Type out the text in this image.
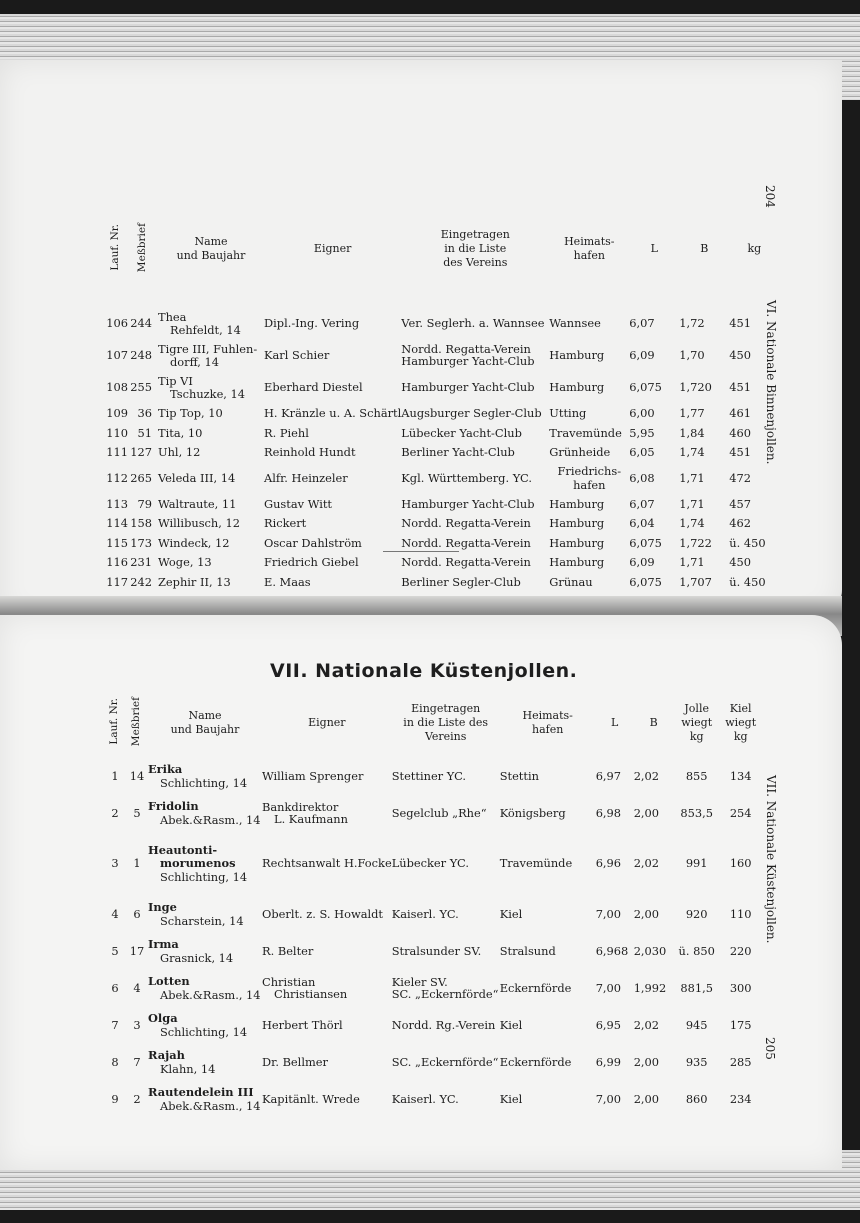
204
VI. Nationale Binnenjollen.
Lauf. Nr.	Meßbrief	Name
und Baujahr	Eigner	Eingetragen
in die Liste
des Vereins	Heimats-
hafen	L	B	kg
106	244	Thea
Rehfeldt, 14	Dipl.-Ing. Vering	Ver. Seglerh. a. Wannsee	Wannsee	6,07	1,72	451
107	248	Tigre III, Fuhlen-
dorff, 14	Karl Schier	Nordd. Regatta-Verein
Hamburger Yacht-Club	Hamburg	6,09	1,70	450
108	255	Tip VI
Tschuzke, 14	Eberhard Diestel	Hamburger Yacht-Club	Hamburg	6,075	1,720	451
109	36	Tip Top, 10	H. Kränzle u. A. Schärtl	Augsburger Segler-Club	Utting	6,00	1,77	461
110	51	Tita, 10	R. Piehl	Lübecker Yacht-Club	Travemünde	5,95	1,84	460
111	127	Uhl, 12	Reinhold Hundt	Berliner Yacht-Club	Grünheide	6,05	1,74	451
112	265	Veleda III, 14	Alfr. Heinzeler	Kgl. Württemberg. YC.	Friedrichs-
hafen	6,08	1,71	472
113	79	Waltraute, 11	Gustav Witt	Hamburger Yacht-Club	Hamburg	6,07	1,71	457
114	158	Willibusch, 12	Rickert	Nordd. Regatta-Verein	Hamburg	6,04	1,74	462
115	173	Windeck, 12	Oscar Dahlström	Nordd. Regatta-Verein	Hamburg	6,075	1,722	ü. 450
116	231	Woge, 13	Friedrich Giebel	Nordd. Regatta-Verein	Hamburg	6,09	1,71	450
117	242	Zephir II, 13	E. Maas	Berliner Segler-Club	Grünau	6,075	1,707	ü. 450
VII. Nationale Küstenjollen.
VII. Nationale Küstenjollen.
205
Lauf. Nr.	Meßbrief	Name
und Baujahr	Eigner	Eingetragen
in die Liste des
Vereins	Heimats-
hafen	L	B	Jolle
wiegt
kg	Kiel
wiegt
kg
1	14	Erika
Schlichting, 14	William Sprenger	Stettiner YC.	Stettin	6,97	2,02	855	134
2	5	Fridolin
Abek.&Rasm., 14	Bankdirektor
L. Kaufmann	Segelclub „Rhe“	Königsberg	6,98	2,00	853,5	254
3	1	Heautonti-
morumenos
Schlichting, 14	Rechtsanwalt H.Focke	Lübecker YC.	Travemünde	6,96	2,02	991	160
4	6	Inge
Scharstein, 14	Oberlt. z. S. Howaldt	Kaiserl. YC.	Kiel	7,00	2,00	920	110
5	17	Irma
Grasnick, 14	R. Belter	Stralsunder SV.	Stralsund	6,968	2,030	ü. 850	220
6	4	Lotten
Abek.&Rasm., 14	Christian
Christiansen	Kieler SV.
SC. „Eckernförde“	Eckernförde	7,00	1,992	881,5	300
7	3	Olga
Schlichting, 14	Herbert Thörl	Nordd. Rg.-Verein	Kiel	6,95	2,02	945	175
8	7	Rajah
Klahn, 14	Dr. Bellmer	SC. „Eckernförde“	Eckernförde	6,99	2,00	935	285
9	2	Rautendelein III
Abek.&Rasm., 14	Kapitänlt. Wrede	Kaiserl. YC.	Kiel	7,00	2,00	860	234
